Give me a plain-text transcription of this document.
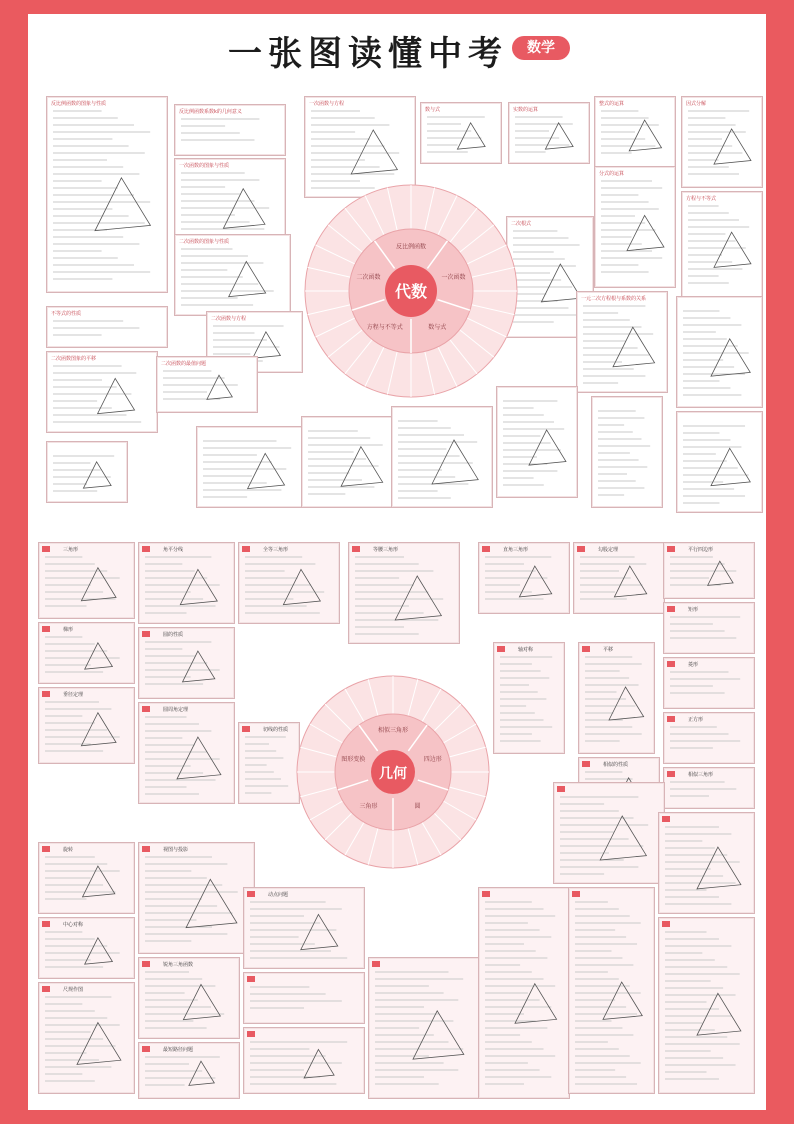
一张图读懂中考	数学
反比例函数的图象与性质
反比例函数系数k的几何意义
一次函数的图象与性质
一次函数与方程
数与式	实数的运算
整式的运算	因式分解
分式的运算
二次根式
方程与不等式
一元二次方程根与系数的关系
不等式的性质
二次函数的图象与性质
二次函数与方程
二次函数图象的平移
二次函数的最值问题
反比例函数
一次函数
数与式
方程与不等式
二次函数
代数

三角形
	角平分线
	全等三角形
	等腰三角形
	直角三角形
	勾股定理
	平行四边形

矩形

菱形

正方形

梯形

圆的性质

垂径定理

圆周角定理

切线的性质

相似三角形

相似的性质

轴对称
	平移

旋转

中心对称

尺规作图

视图与投影

锐角三角函数

最短路径问题

动点问题

相似三角形
四边形
圆
三角形
图形变换
几何
